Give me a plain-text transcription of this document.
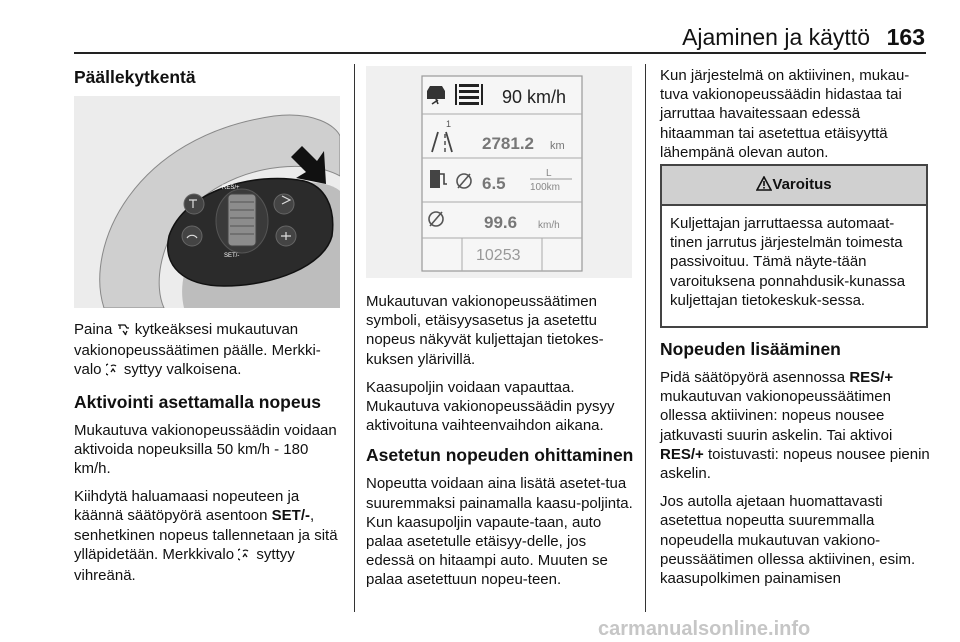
Ajaminen ja käyttö 163
Päällekytkentä
RES/+
SET/-

Paina kytkeäksesi mukautuvan vakionopeussäätimen päälle. Merkki-valo syttyy valkoisena.

Aktivointi asettamalla nopeus

Mukautuva vakionopeussäädin voidaan aktivoida nopeuksilla 50 km/h - 180 km/h.

Kiihdytä haluamaasi nopeuteen ja käännä säätöpyörä asentoon SET/-, senhetkinen nopeus tallennetaan ja sitä ylläpidetään. Merkkivalo syttyy vihreänä.

90 km/h
1
2781.2 km
6.5
L
100km
99.6 km/h
10253

Mukautuvan vakionopeussäätimen symboli, etäisyysasetus ja asetettu nopeus näkyvät kuljettajan tietokes-kuksen ylärivillä.

Kaasupoljin voidaan vapauttaa. Mukautuva vakionopeussäädin pysyy aktivoituna vaihteenvaihdon aikana.

Asetetun nopeuden ohittaminen

Nopeutta voidaan aina lisätä asetet-tua suuremmaksi painamalla kaasu-poljinta. Kun kaasupoljin vapaute-taan, auto palaa asetetulle etäisyy-delle, jos edessä on hitaampi auto. Muuten se palaa asetettuun nopeu-teen.

Kun järjestelmä on aktiivinen, mukau-tuva vakionopeussäädin hidastaa tai jarruttaa havaitessaan edessä hitaamman tai asetettua etäisyyttä lähempänä olevan auton.

Varoitus
Kuljettajan jarruttaessa automaat-tinen jarrutus järjestelmän toimesta passivoituu. Tämä näyte-tään varoituksena ponnahdusik-kunassa kuljettajan tietokeskuk-sessa.
Nopeuden lisääminen

Pidä säätöpyörä asennossa RES/+ mukautuvan vakionopeussäätimen ollessa aktiivinen: nopeus nousee jatkuvasti suurin askelin. Tai aktivoi RES/+ toistuvasti: nopeus nousee pienin askelin.

Jos autolla ajetaan huomattavasti asetettua nopeutta suuremmalla nopeudella mukautuvan vakiono-peussäätimen ollessa aktiivinen, esim. kaasupolkimen painamisen

carmanualsonline.info
